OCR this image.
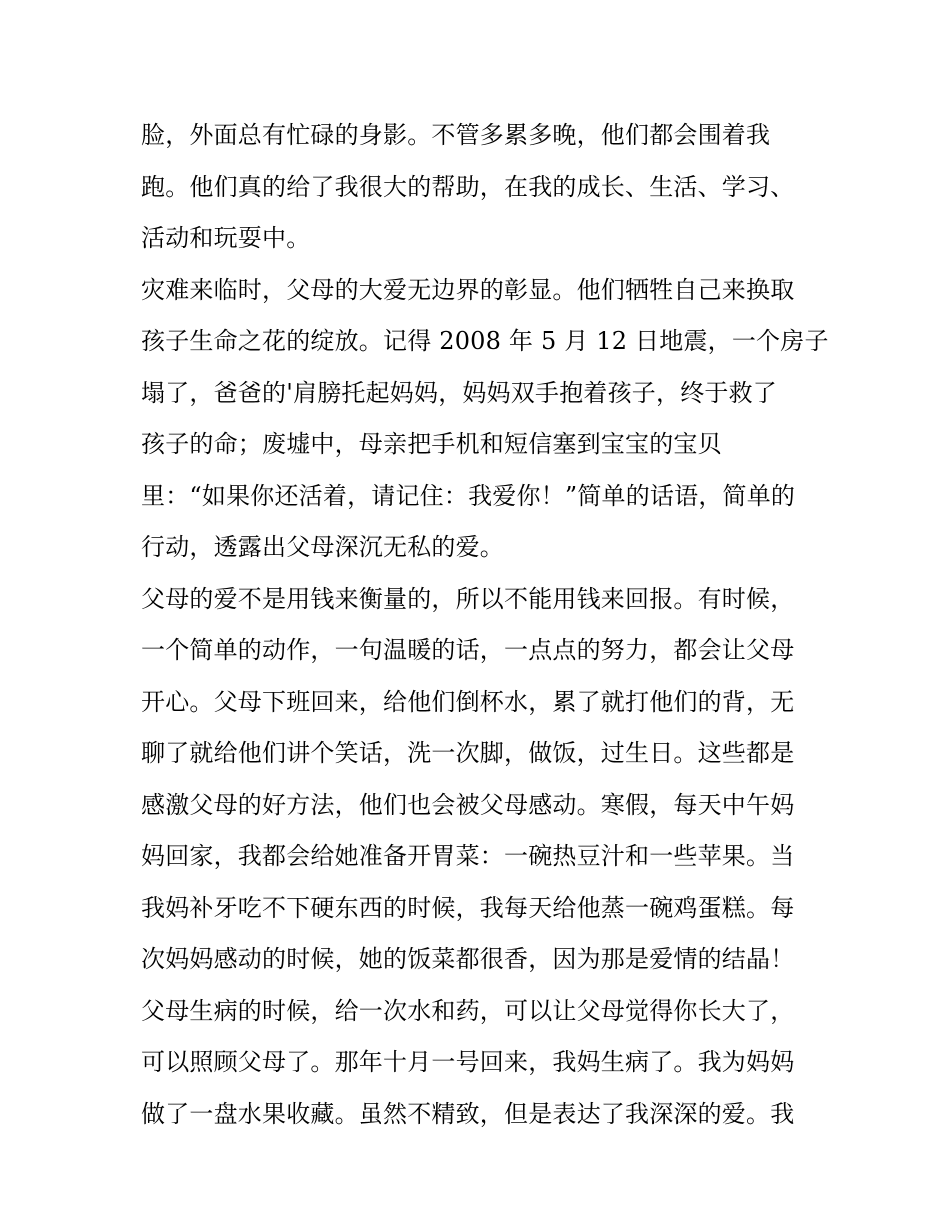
脸，外面总有忙碌的身影。不管多累多晚，他们都会围着我
跑。他们真的给了我很大的帮助，在我的成长、生活、学习、
活动和玩耍中。
灾难来临时，父母的大爱无边界的彰显。他们牺牲自己来换取
孩子生命之花的绽放。记得 2008 年 5 月 12 日地震，一个房子
塌了，爸爸的'肩膀托起妈妈，妈妈双手抱着孩子，终于救了
孩子的命；废墟中，母亲把手机和短信塞到宝宝的宝贝
里：“如果你还活着，请记住：我爱你！”简单的话语，简单的
行动，透露出父母深沉无私的爱。
父母的爱不是用钱来衡量的，所以不能用钱来回报。有时候，
一个简单的动作，一句温暖的话，一点点的努力，都会让父母
开心。父母下班回来，给他们倒杯水，累了就打他们的背，无
聊了就给他们讲个笑话，洗一次脚，做饭，过生日。这些都是
感激父母的好方法，他们也会被父母感动。寒假，每天中午妈
妈回家，我都会给她准备开胃菜：一碗热豆汁和一些苹果。当
我妈补牙吃不下硬东西的时候，我每天给他蒸一碗鸡蛋糕。每
次妈妈感动的时候，她的饭菜都很香，因为那是爱情的结晶！
父母生病的时候，给一次水和药，可以让父母觉得你长大了，
可以照顾父母了。那年十月一号回来，我妈生病了。我为妈妈
做了一盘水果收藏。虽然不精致，但是表达了我深深的爱。我
